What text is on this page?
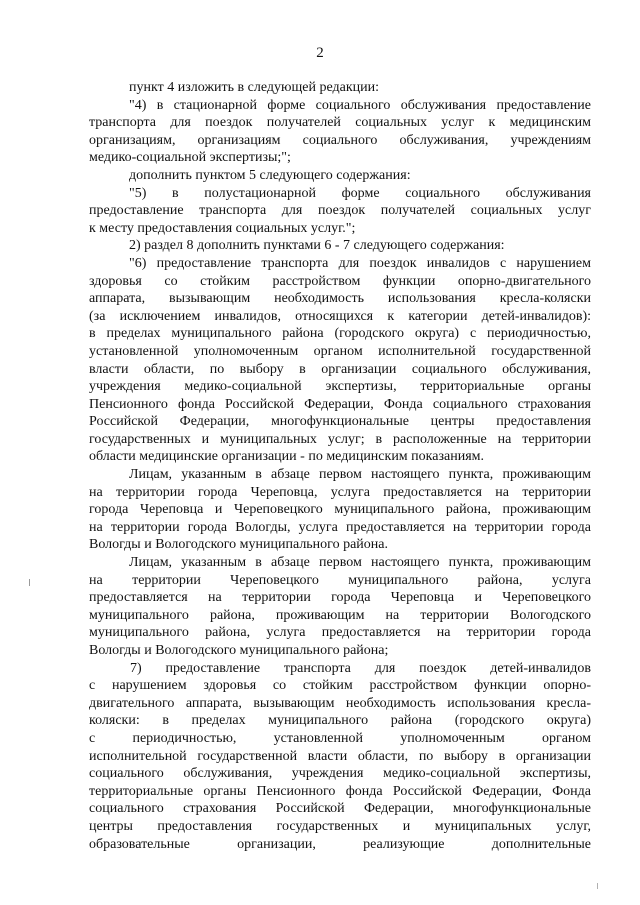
2
пункт 4 изложить в следующей редакции:
"4) в стационарной форме социального обслуживания предоставление
транспорта для поездок получателей социальных услуг к медицинским
организациям, организациям социального обслуживания, учреждениям
медико-социальной экспертизы;";
дополнить пунктом 5 следующего содержания:
"5) в полустационарной форме социального обслуживания
предоставление транспорта для поездок получателей социальных услуг
к месту предоставления социальных услуг.";
2) раздел 8 дополнить пунктами 6 - 7 следующего содержания:
"6) предоставление транспорта для поездок инвалидов с нарушением
здоровья со стойким расстройством функции опорно-двигательного
аппарата, вызывающим необходимость использования кресла-коляски
(за исключением инвалидов, относящихся к категории детей-инвалидов):
в пределах муниципального района (городского округа) с периодичностью,
установленной уполномоченным органом исполнительной государственной
власти области, по выбору в организации социального обслуживания,
учреждения медико-социальной экспертизы, территориальные органы
Пенсионного фонда Российской Федерации, Фонда социального страхования
Российской Федерации, многофункциональные центры предоставления
государственных и муниципальных услуг; в расположенные на территории
области медицинские организации - по медицинским показаниям.
Лицам, указанным в абзаце первом настоящего пункта, проживающим
на территории города Череповца, услуга предоставляется на территории
города Череповца и Череповецкого муниципального района, проживающим
на территории города Вологды, услуга предоставляется на территории города
Вологды и Вологодского муниципального района.
Лицам, указанным в абзаце первом настоящего пункта, проживающим
на территории Череповецкого муниципального района, услуга
предоставляется на территории города Череповца и Череповецкого
муниципального района, проживающим на территории Вологодского
муниципального района, услуга предоставляется на территории города
Вологды и Вологодского муниципального района;
7) предоставление транспорта для поездок детей-инвалидов
с нарушением здоровья со стойким расстройством функции опорно-
двигательного аппарата, вызывающим необходимость использования кресла-
коляски: в пределах муниципального района (городского округа)
с периодичностью, установленной уполномоченным органом
исполнительной государственной власти области, по выбору в организации
социального обслуживания, учреждения медико-социальной экспертизы,
территориальные органы Пенсионного фонда Российской Федерации, Фонда
социального страхования Российской Федерации, многофункциональные
центры предоставления государственных и муниципальных услуг,
образовательные организации, реализующие дополнительные
